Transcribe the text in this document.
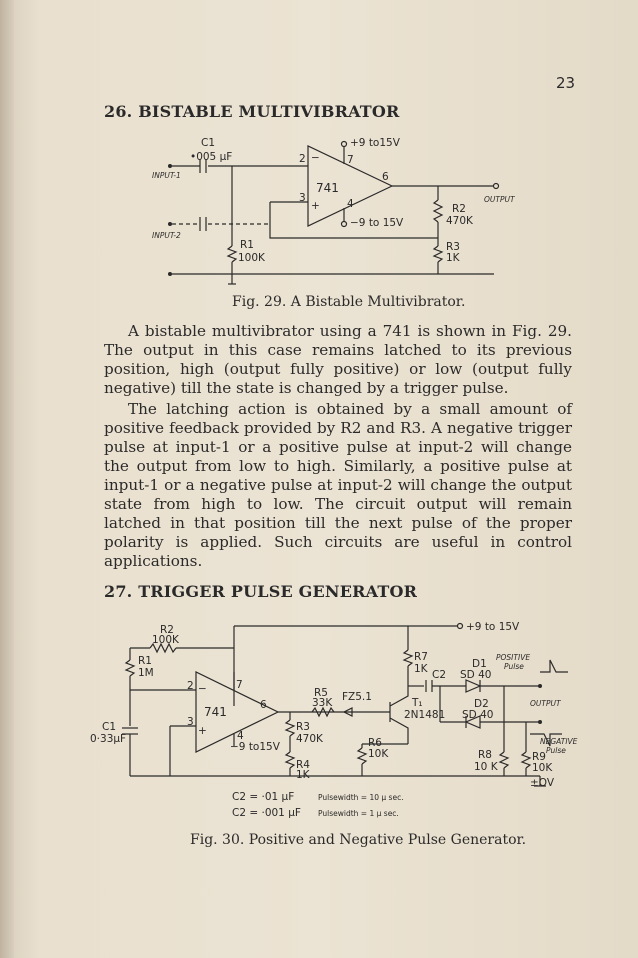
23
26. BISTABLE MULTIVIBRATOR
C1
•005 µF
+9 to15V
−9 to 15V
741
2
3	4
6
7
+
−
INPUT-1
INPUT-2
OUTPUT
R1
100K
R2
470K
R3
1K
Fig. 29. A Bistable Multivibrator.

A bistable multivibrator using a 741 is shown in Fig. 29. The output in this case remains latched to its previous position, high (output fully positive) or low (output fully negative) till the state is changed by a trigger pulse.

The latching action is obtained by a small amount of positive feedback provided by R2 and R3. A negative trigger pulse at input-1 or a positive pulse at input-2 will change the output from low to high. Similarly, a positive pulse at input-1 or a negative pulse at input-2 will change the output state from high to low. The circuit output will remain latched in that position till the next pulse of the proper polarity is applied. Such circuits are useful in control applications.

27. TRIGGER PULSE GENERATOR
R2
100K
R1
1M
C1
0·33µF
741
2
3
4
6
7
+
−
−9 to15V
+9 to 15V
R5
33K FZ5.1
R3
470K
R4
1K
R6
10K
R7
1K C2
T₁
2N1481
D1
SD 40
D2
SD 40
POSITIVE
Pulse
OUTPUT
NEGATIVE
Pulse
R8
10 K
R9
10K
±OV
C2 = ·01 µF	Pulsewidth = 10 µ sec.
C2 = ·001 µF Pulsewidth = 1 µ sec.
Fig. 30. Positive and Negative Pulse Generator.
